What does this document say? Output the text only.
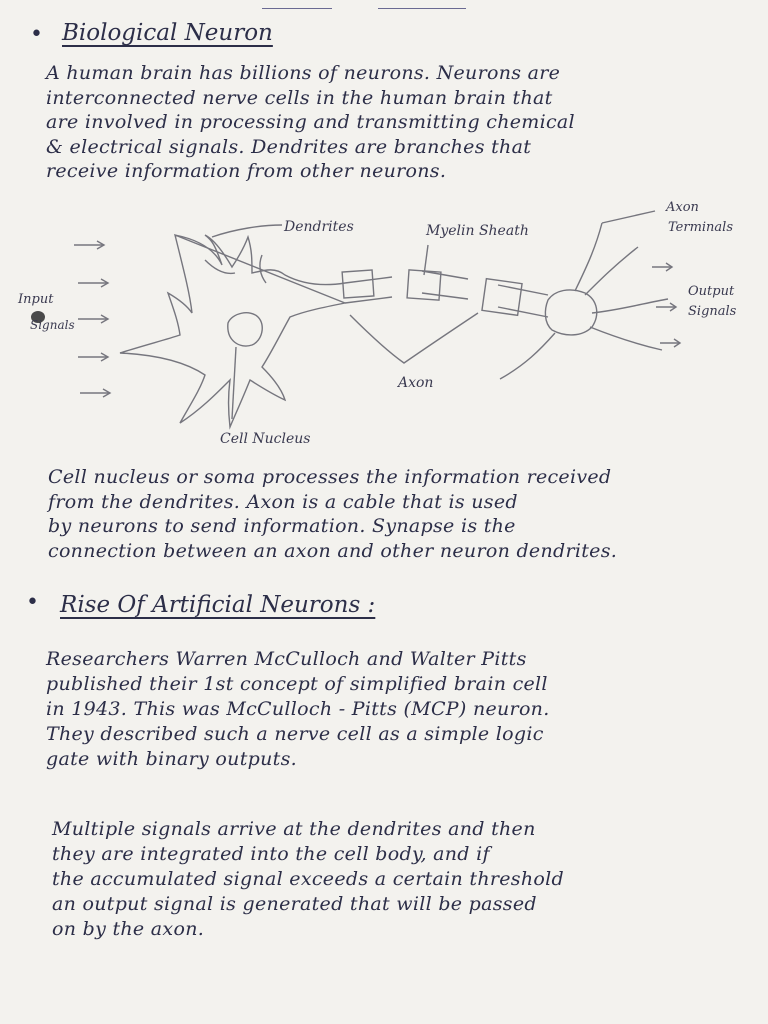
• Biological Neuron
A human brain has billions of neurons. Neurons are
interconnected nerve cells in the human brain that
are involved in processing and transmitting chemical
& electrical signals. Dendrites are branches that
receive information from other neurons.
Dendrites	Myelin Sheath
Axon
Terminals
Input
Signals
Output
Signals
Axon
Cell Nucleus
Cell nucleus or soma processes the information received
from the dendrites. Axon is a cable that is used
by neurons to send information. Synapse is the
connection between an axon and other neuron dendrites.
• Rise Of Artificial Neurons :
Researchers Warren McCulloch and Walter Pitts
published their 1st concept of simplified brain cell
in 1943. This was McCulloch - Pitts (MCP) neuron.
They described such a nerve cell as a simple logic
gate with binary outputs.
Multiple signals arrive at the dendrites and then
they are integrated into the cell body, and if
the accumulated signal exceeds a certain threshold
an output signal is generated that will be passed
on by the axon.
